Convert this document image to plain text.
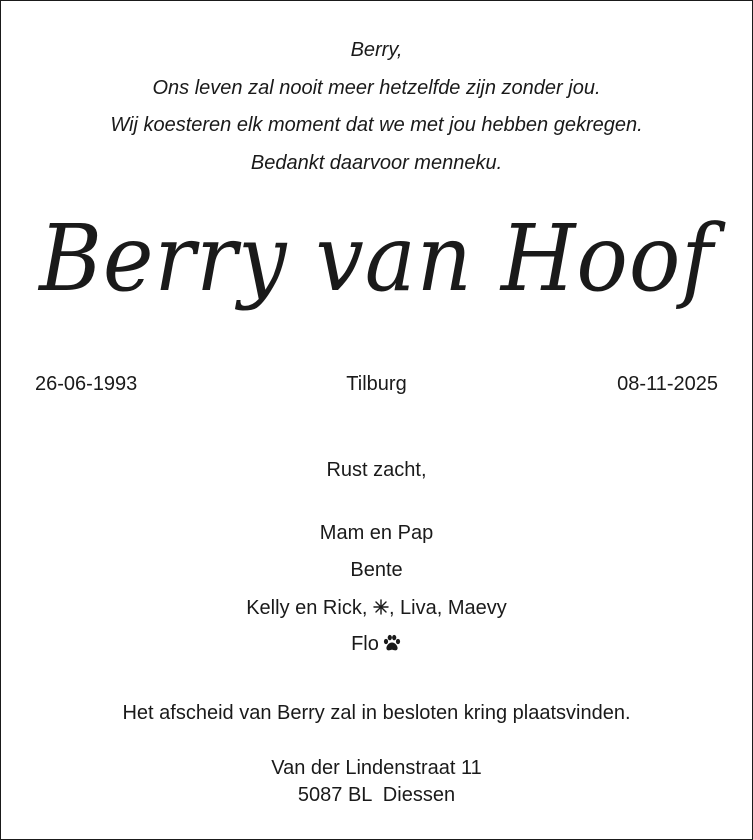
Berry,
Ons leven zal nooit meer hetzelfde zijn zonder jou.
Wij koesteren elk moment dat we met jou hebben gekregen.
Bedankt daarvoor menneku.
Berry van Hoof
26-06-1993	Tilburg	08-11-2025
Rust zacht,
Mam en Pap
Bente
Kelly en Rick, , Liva, Maevy
Flo
Het afscheid van Berry zal in besloten kring plaatsvinden.
Van der Lindenstraat 11
5087 BL  Diessen
